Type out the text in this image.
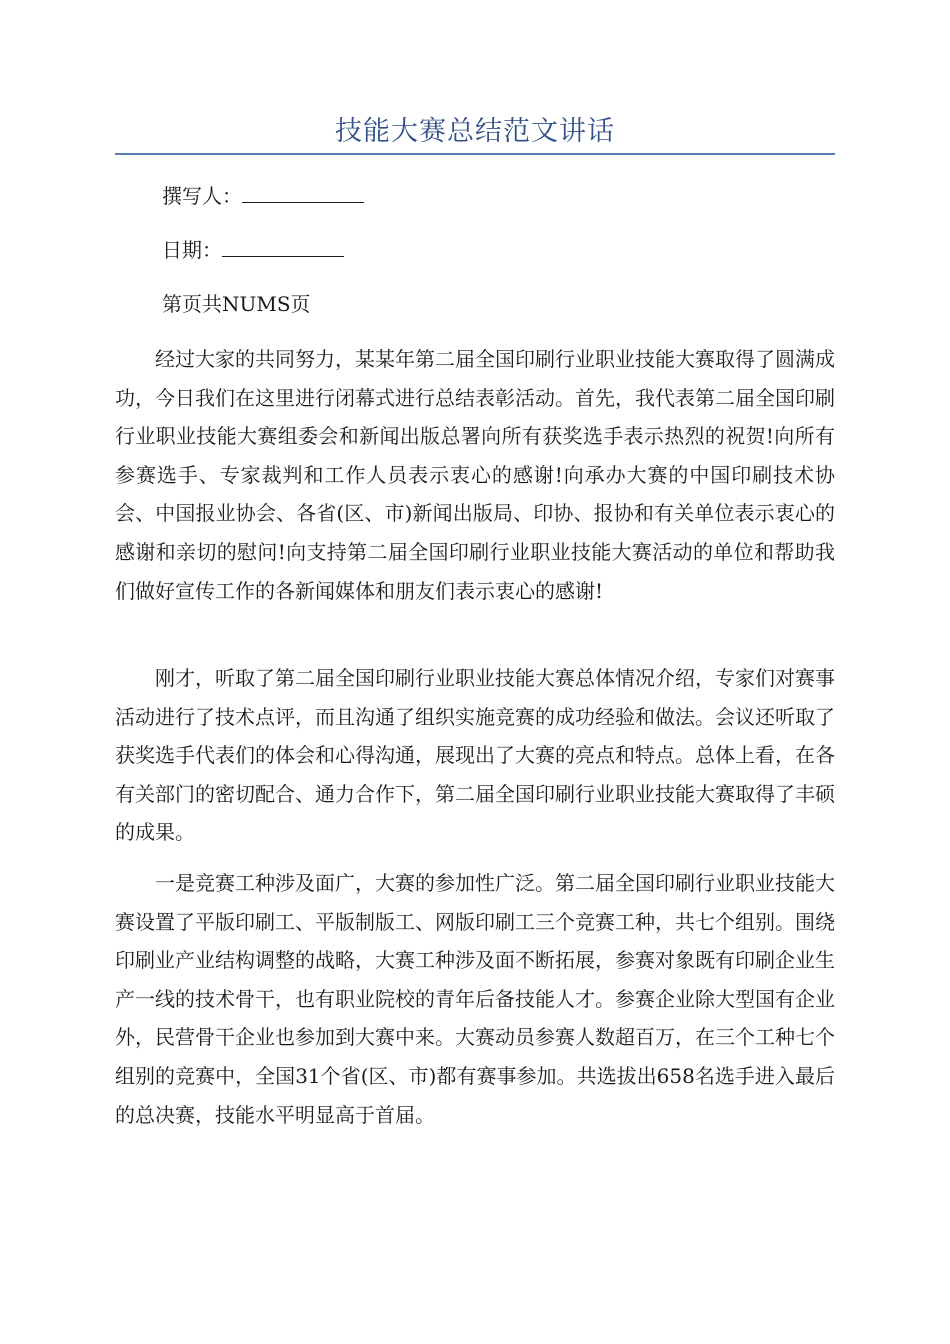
技能大赛总结范文讲话
撰写人：
日期：
第页共NUMS页

经过大家的共同努力，某某年第二届全国印刷行业职业技能大赛取得了圆满成功，今日我们在这里进行闭幕式进行总结表彰活动。首先，我代表第二届全国印刷行业职业技能大赛组委会和新闻出版总署向所有获奖选手表示热烈的祝贺!向所有参赛选手、专家裁判和工作人员表示衷心的感谢!向承办大赛的中国印刷技术协会、中国报业协会、各省(区、市)新闻出版局、印协、报协和有关单位表示衷心的感谢和亲切的慰问!向支持第二届全国印刷行业职业技能大赛活动的单位和帮助我们做好宣传工作的各新闻媒体和朋友们表示衷心的感谢!

刚才，听取了第二届全国印刷行业职业技能大赛总体情况介绍，专家们对赛事活动进行了技术点评，而且沟通了组织实施竞赛的成功经验和做法。会议还听取了获奖选手代表们的体会和心得沟通，展现出了大赛的亮点和特点。总体上看，在各有关部门的密切配合、通力合作下，第二届全国印刷行业职业技能大赛取得了丰硕的成果。

一是竞赛工种涉及面广，大赛的参加性广泛。第二届全国印刷行业职业技能大赛设置了平版印刷工、平版制版工、网版印刷工三个竞赛工种，共七个组别。围绕印刷业产业结构调整的战略，大赛工种涉及面不断拓展，参赛对象既有印刷企业生产一线的技术骨干，也有职业院校的青年后备技能人才。参赛企业除大型国有企业外，民营骨干企业也参加到大赛中来。大赛动员参赛人数超百万，在三个工种七个组别的竞赛中，全国31个省(区、市)都有赛事参加。共选拔出658名选手进入最后的总决赛，技能水平明显高于首届。
